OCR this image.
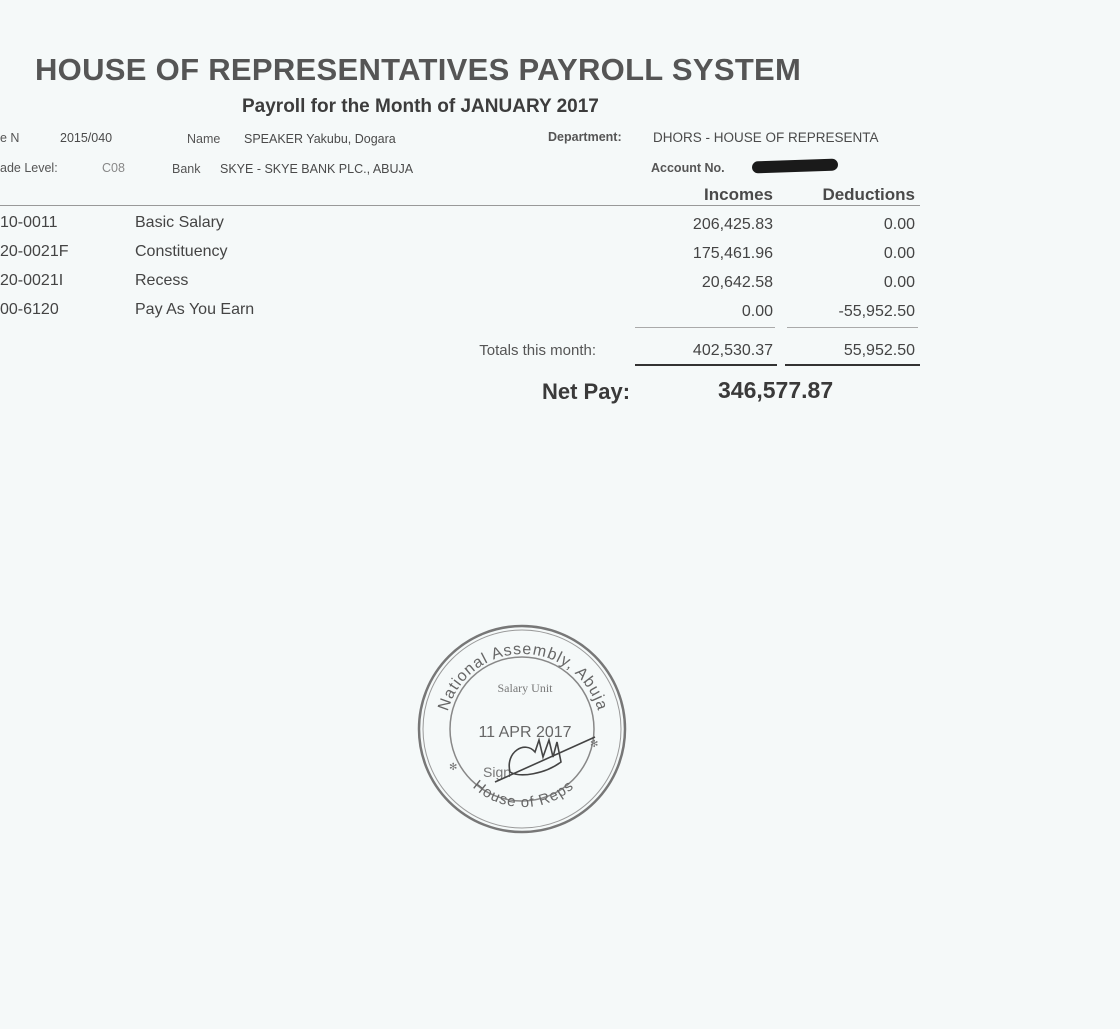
HOUSE OF REPRESENTATIVES PAYROLL SYSTEM
Payroll for the Month of JANUARY 2017
e N	2015/040	Name SPEAKER Yakubu, Dogara	Department: DHORS - HOUSE OF REPRESENTA
ade Level:	C08	Bank SKYE - SKYE BANK PLC., ABUJA	Account No.
Incomes	Deductions
10-0011	Basic Salary	206,425.83	0.00
20-0021F	Constituency	175,461.96	0.00
20-0021I	Recess	20,642.58	0.00
00-6120	Pay As You Earn	0.00	-55,952.50
Totals this month:	402,530.37	55,952.50
Net Pay:	346,577.87
National Assembly, Abuja
House of Reps
Salary Unit
11 APR 2017
Sign
✻
✻
